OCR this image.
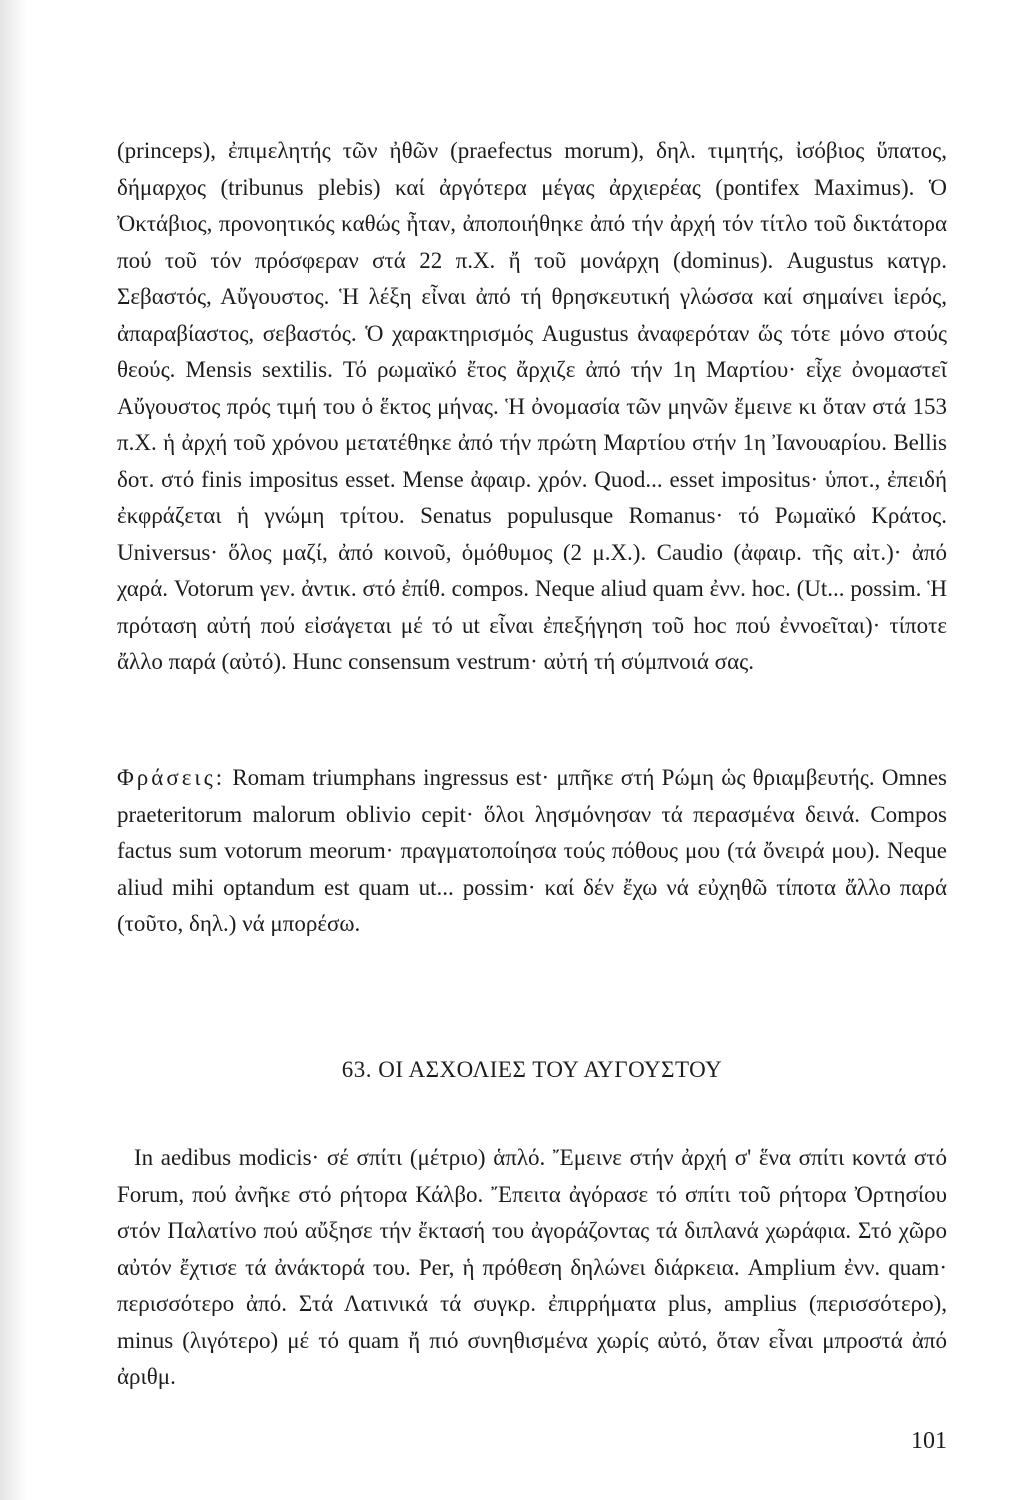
(princeps), ἐπιμελητής τῶν ἠθῶν (praefectus morum), δηλ. τιμητής, ἰσόβιος ὕπατος, δήμαρχος (tribunus plebis) καί ἀργότερα μέγας ἀρχιερέας (pontifex Maximus). Ὁ Ὀκτάβιος, προνοητικός καθώς ἦταν, ἀποποιήθηκε ἀπό τήν ἀρχή τόν τίτλο τοῦ δικτάτορα πού τοῦ τόν πρόσφεραν στά 22 π.Χ. ἤ τοῦ μονάρχη (dominus). Augustus κατγρ. Σεβαστός, Αὔγουστος. Ἡ λέξη εἶναι ἀπό τή θρησκευτική γλώσσα καί σημαίνει ἱερός, ἀπαραβίαστος, σεβαστός. Ὁ χαρακτηρισμός Augustus ἀναφερόταν ὥς τότε μόνο στούς θεούς. Mensis sextilis. Τό ρωμαϊκό ἔτος ἄρχιζε ἀπό τήν 1η Μαρτίου· εἶχε ὀνομαστεῖ Αὔγουστος πρός τιμή του ὁ ἕκτος μήνας. Ἡ ὀνομασία τῶν μηνῶν ἔμεινε κι ὅταν στά 153 π.Χ. ἡ ἀρχή τοῦ χρόνου μετατέθηκε ἀπό τήν πρώτη Μαρτίου στήν 1η Ἰανουαρίου. Bellis δοτ. στό finis impositus esset. Mense ἀφαιρ. χρόν. Quod... esset impositus· ὑποτ., ἐπειδή ἐκφράζεται ἡ γνώμη τρίτου. Senatus populusque Romanus· τό Ρωμαϊκό Κράτος. Universus· ὅλος μαζί, ἀπό κοινοῦ, ὁμόθυμος (2 μ.Χ.). Caudio (ἀφαιρ. τῆς αἰτ.)· ἀπό χαρά. Votorum γεν. ἀντικ. στό ἐπίθ. compos. Neque aliud quam ἐνν. hoc. (Ut... possim. Ἡ πρόταση αὐτή πού εἰσάγεται μέ τό ut εἶναι ἐπεξήγηση τοῦ hoc πού ἐννοεῖται)· τίποτε ἄλλο παρά (αὐτό). Hunc consensum vestrum· αὐτή τή σύμπνοιά σας.

Φράσεις: Romam triumphans ingressus est· μπῆκε στή Ρώμη ὡς θριαμβευτής. Omnes praeteritorum malorum oblivio cepit· ὅλοι λησμόνησαν τά περασμένα δεινά. Compos factus sum votorum meorum· πραγματοποίησα τούς πόθους μου (τά ὄνειρά μου). Neque aliud mihi optandum est quam ut... possim· καί δέν ἔχω νά εὐχηθῶ τίποτα ἄλλο παρά (τοῦτο, δηλ.) νά μπορέσω.

63. ΟΙ ΑΣΧΟΛΙΕΣ ΤΟΥ ΑΥΓΟΥΣΤΟΥ

In aedibus modicis· σέ σπίτι (μέτριο) ἁπλό. Ἔμεινε στήν ἀρχή σ' ἕνα σπίτι κοντά στό Forum, πού ἀνῆκε στό ρήτορα Κάλβο. Ἔπειτα ἀγόρασε τό σπίτι τοῦ ρήτορα Ὀρτησίου στόν Παλατίνο πού αὔξησε τήν ἔκτασή του ἀγοράζοντας τά διπλανά χωράφια. Στό χῶρο αὐτόν ἔχτισε τά ἀνάκτορά του. Per, ἡ πρόθεση δηλώνει διάρκεια. Amplium ἐνν. quam· περισσότερο ἀπό. Στά Λατινικά τά συγκρ. ἐπιρρήματα plus, amplius (περισσότερο), minus (λιγότερο) μέ τό quam ἤ πιό συνηθισμένα χωρίς αὐτό, ὅταν εἶναι μπροστά ἀπό ἀριθμ.

101
